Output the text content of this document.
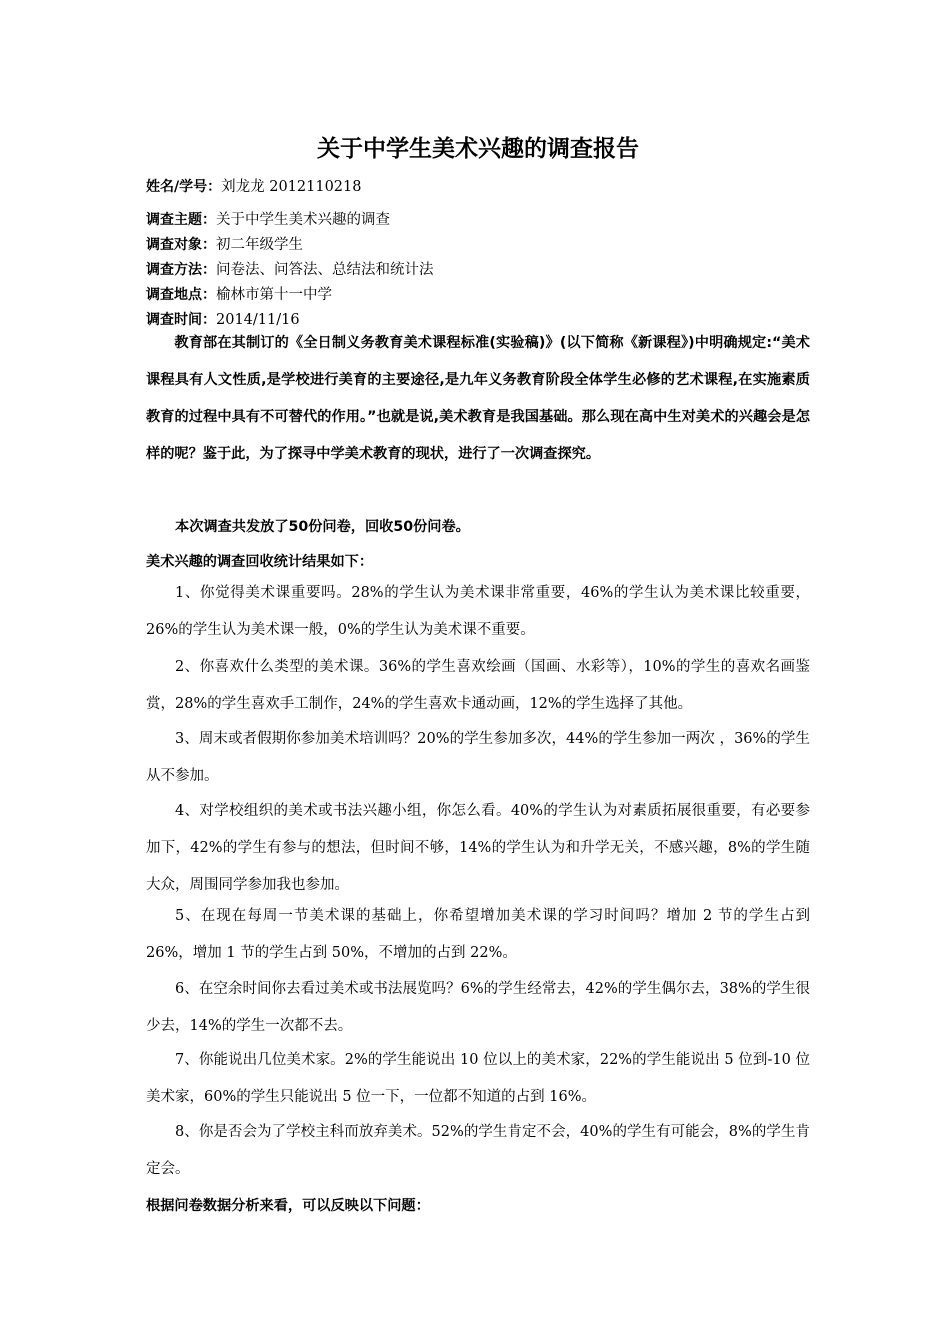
关于中学生美术兴趣的调查报告
姓名/学号：刘龙龙 2012110218
调查主题：关于中学生美术兴趣的调查
调查对象：初二年级学生
调查方法：问卷法、问答法、总结法和统计法
调查地点：榆林市第十一中学
调查时间：2014/11/16

教育部在其制订的《全日制义务教育美术课程标准(实验稿)》(以下简称《新课程》)中明确规定:“美术课程具有人文性质,是学校进行美育的主要途径,是九年义务教育阶段全体学生必修的艺术课程,在实施素质教育的过程中具有不可替代的作用。”也就是说,美术教育是我国基础。那么现在高中生对美术的兴趣会是怎样的呢？鉴于此，为了探寻中学美术教育的现状，进行了一次调查探究。

本次调查共发放了50份问卷，回收50份问卷。
美术兴趣的调查回收统计结果如下：

1、你觉得美术课重要吗。28%的学生认为美术课非常重要，46%的学生认为美术课比较重要，26%的学生认为美术课一般，0%的学生认为美术课不重要。

2、你喜欢什么类型的美术课。36%的学生喜欢绘画（国画、水彩等），10%的学生的喜欢名画鉴赏，28%的学生喜欢手工制作，24%的学生喜欢卡通动画，12%的学生选择了其他。

3、周末或者假期你参加美术培训吗？20%的学生参加多次，44%的学生参加一两次 ，36%的学生从不参加。

4、对学校组织的美术或书法兴趣小组，你怎么看。40%的学生认为对素质拓展很重要，有必要参加下，42%的学生有参与的想法，但时间不够，14%的学生认为和升学无关，不感兴趣，8%的学生随大众，周围同学参加我也参加。

5、在现在每周一节美术课的基础上，你希望增加美术课的学习时间吗？增加 2 节的学生占到 26%，增加 1 节的学生占到 50%，不增加的占到 22%。

6、在空余时间你去看过美术或书法展览吗？6%的学生经常去，42%的学生偶尔去，38%的学生很少去，14%的学生一次都不去。

7、你能说出几位美术家。2%的学生能说出 10 位以上的美术家，22%的学生能说出 5 位到-10 位美术家，60%的学生只能说出 5 位一下，一位都不知道的占到 16%。

8、你是否会为了学校主科而放弃美术。52%的学生肯定不会，40%的学生有可能会，8%的学生肯定会。

根据问卷数据分析来看，可以反映以下问题：
